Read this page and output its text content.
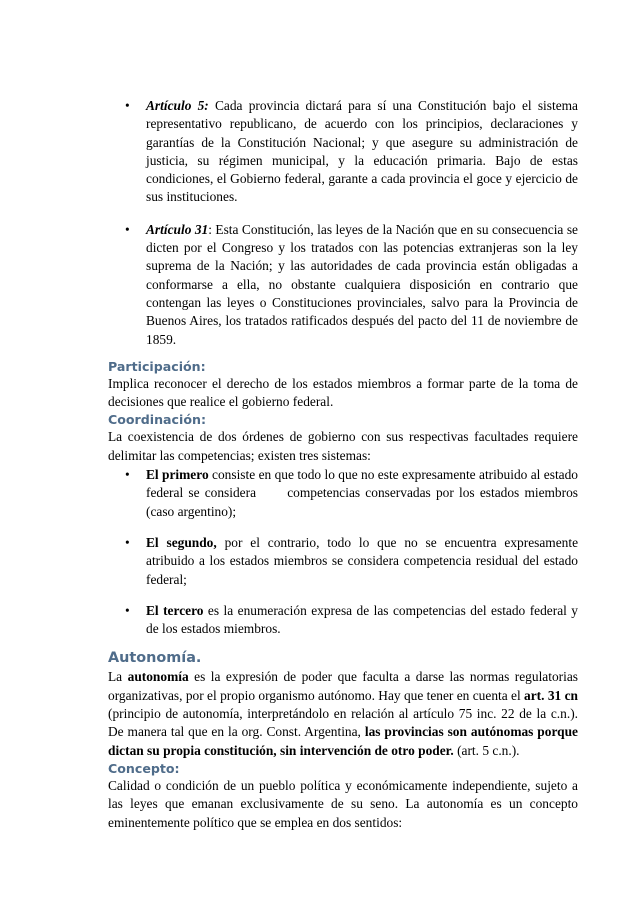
• Artículo 5: Cada provincia dictará para sí una Constitución bajo el sistema representativo republicano, de acuerdo con los principios, declaraciones y garantías de la Constitución Nacional; y que asegure su administración de justicia, su régimen municipal, y la educación primaria. Bajo de estas condiciones, el Gobierno federal, garante a cada provincia el goce y ejercicio de sus instituciones.
• Artículo 31: Esta Constitución, las leyes de la Nación que en su consecuencia se dicten por el Congreso y los tratados con las potencias extranjeras son la ley suprema de la Nación; y las autoridades de cada provincia están obligadas a conformarse a ella, no obstante cualquiera disposición en contrario que contengan las leyes o Constituciones provinciales, salvo para la Provincia de Buenos Aires, los tratados ratificados después del pacto del 11 de noviembre de 1859.
Participación:
Implica reconocer el derecho de los estados miembros a formar parte de la toma de decisiones que realice el gobierno federal.
Coordinación:
La coexistencia de dos órdenes de gobierno con sus respectivas facultades requiere delimitar las competencias; existen tres sistemas:
• El primero consiste en que todo lo que no este expresamente atribuido al estado federal se considera      competencias conservadas por los estados miembros (caso argentino);
• El segundo, por el contrario, todo lo que no se encuentra expresamente atribuido a los estados miembros se considera competencia residual del estado federal;
• El tercero es la enumeración expresa de las competencias del estado federal y de los estados miembros.
Autonomía.
La autonomía es la expresión de poder que faculta a darse las normas regulatorias organizativas, por el propio organismo autónomo. Hay que tener en cuenta el art. 31 cn (principio de autonomía, interpretándolo en relación al artículo 75 inc. 22 de la c.n.). De manera tal que en la org. Const. Argentina, las provincias son autónomas porque dictan su propia constitución, sin intervención de otro poder. (art. 5 c.n.).
Concepto:
Calidad o condición de un pueblo política y económicamente independiente, sujeto a las leyes que emanan exclusivamente de su seno. La autonomía es un concepto eminentemente político que se emplea en dos sentidos:
